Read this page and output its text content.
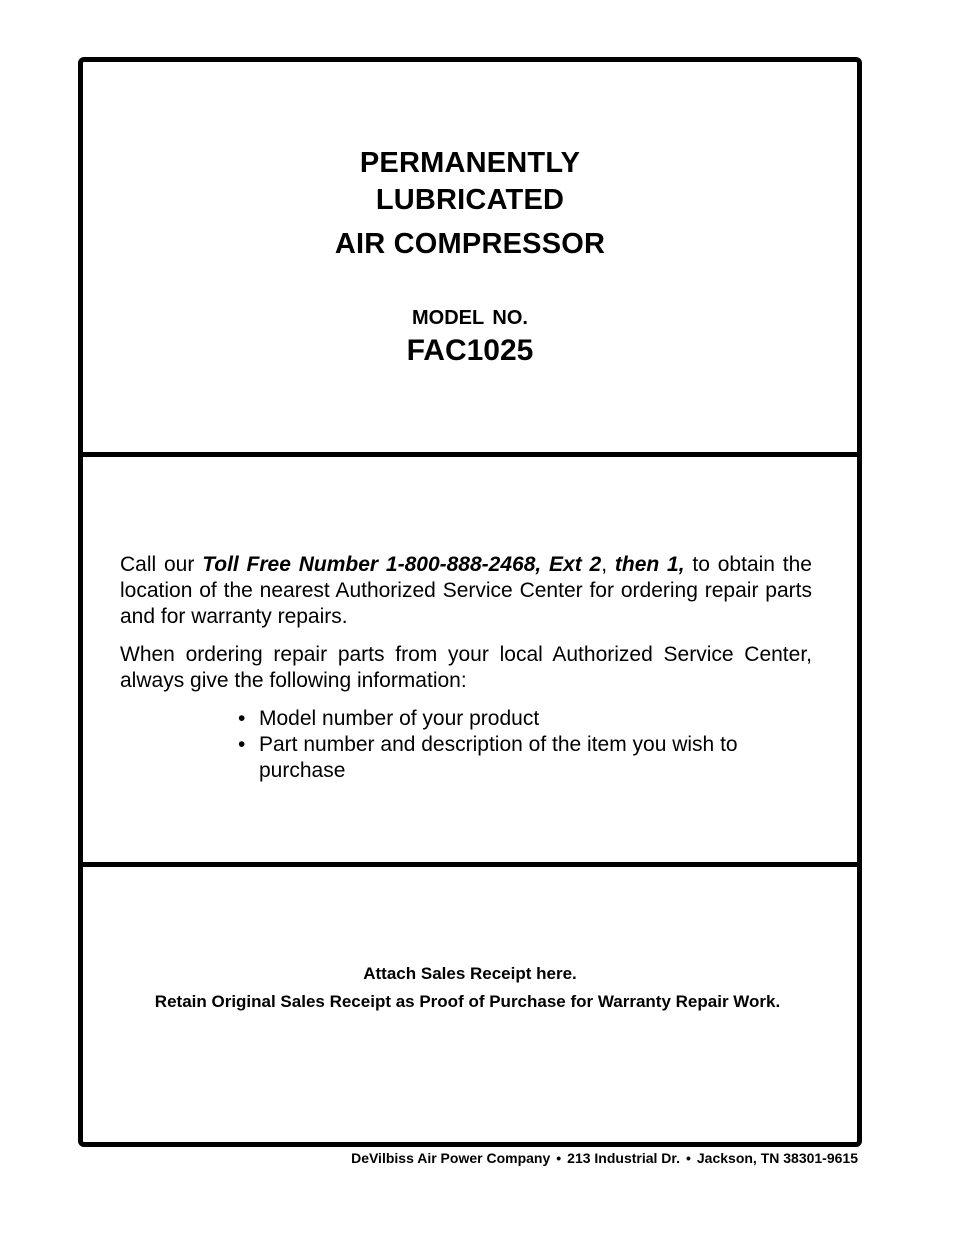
PERMANENTLY
LUBRICATED
AIR COMPRESSOR
MODEL NO.
FAC1025

Call our Toll Free Number 1-800-888-2468, Ext 2, then 1, to obtain the location of the nearest Authorized Service Center for ordering repair parts and for warranty repairs.

When ordering repair parts from your local Authorized Service Center, always give the following information:

• Model number of your product
• Part number and description of the item you wish to purchase
Attach Sales Receipt here.
Retain Original Sales Receipt as Proof of Purchase for Warranty Repair Work.
DeVilbiss Air Power Company • 213 Industrial Dr. • Jackson, TN 38301-9615
